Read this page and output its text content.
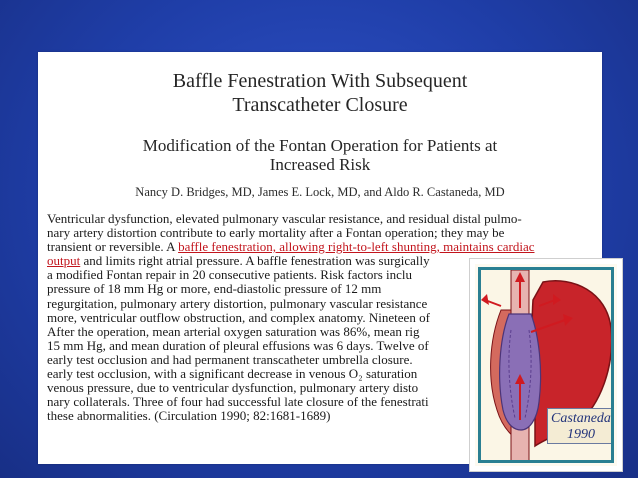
Baffle Fenestration With Subsequent
Transcatheter Closure
Modification of the Fontan Operation for Patients at
Increased Risk
Nancy D. Bridges, MD, James E. Lock, MD, and Aldo R. Castaneda, MD
Ventricular dysfunction, elevated pulmonary vascular resistance, and residual distal pulmo-
nary artery distortion contribute to early mortality after a Fontan operation; they may be
transient or reversible. A baffle fenestration, allowing right-to-left shunting, maintains cardiac
output and limits right atrial pressure. A baffle fenestration was surgically
a modified Fontan repair in 20 consecutive patients. Risk factors inclu
pressure of 18 mm Hg or more, end-diastolic pressure of 12 mm
regurgitation, pulmonary artery distortion, pulmonary vascular resistance
more, ventricular outflow obstruction, and complex anatomy. Nineteen of
After the operation, mean arterial oxygen saturation was 86%, mean rig
15 mm Hg, and mean duration of pleural effusions was 6 days. Twelve of
early test occlusion and had permanent transcatheter umbrella closure.
early test occlusion, with a significant decrease in venous O₂ saturation
venous pressure, due to ventricular dysfunction, pulmonary artery disto
nary collaterals. Three of four had successful late closure of the fenestrati
these abnormalities. (Circulation 1990; 82:1681-1689)	Castaneda
1990
